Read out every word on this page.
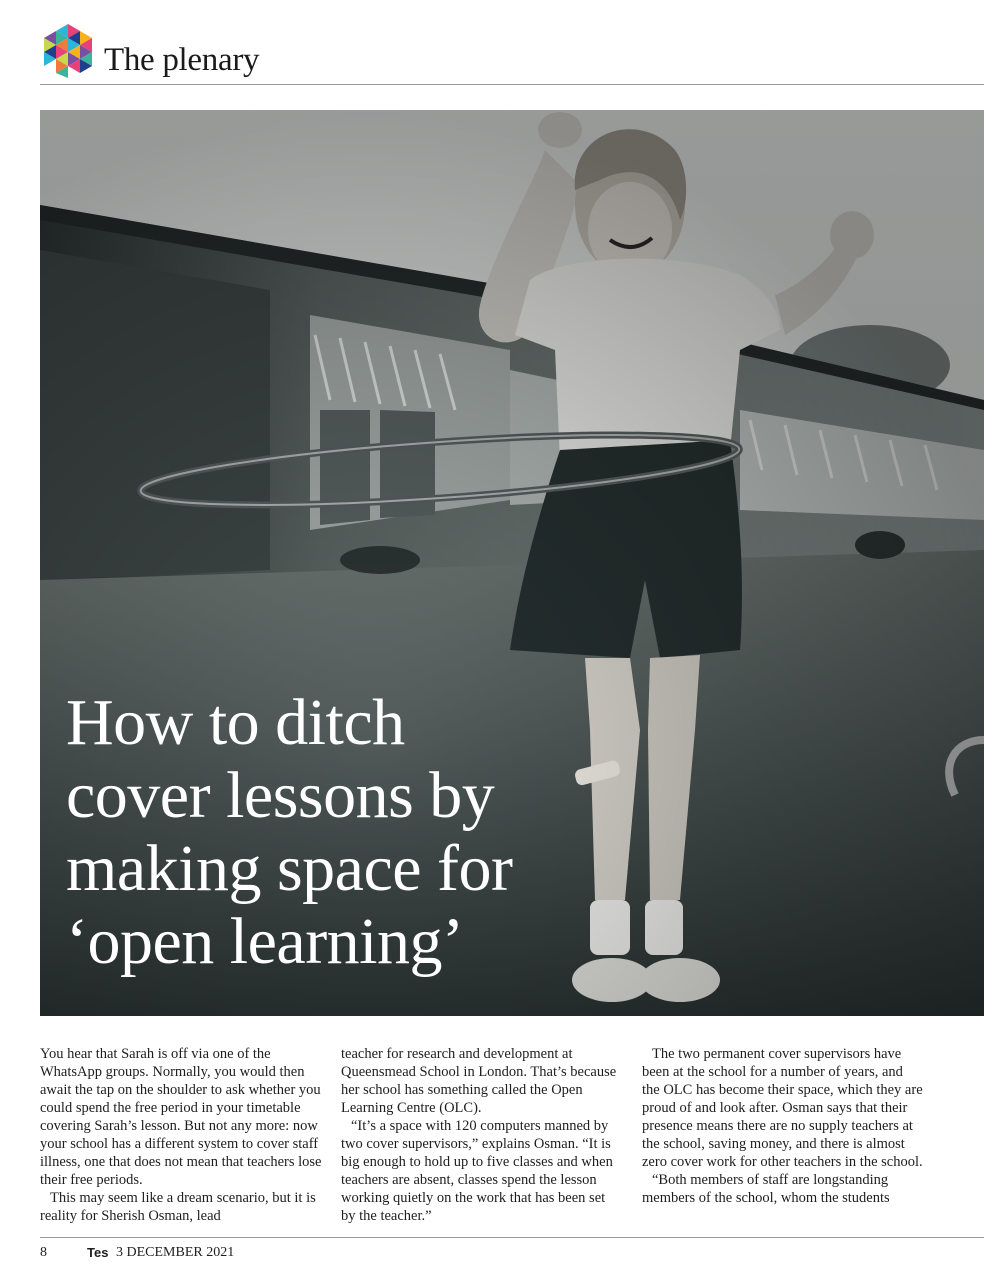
The plenary
How to ditch
cover lessons by
making space for
‘open learning’

You hear that Sarah is off via one of the WhatsApp groups. Normally, you would then await the tap on the shoulder to ask whether you could spend the free period in your timetable covering Sarah’s lesson. But not any more: now your school has a different system to cover staff illness, one that does not mean that teachers lose their free periods.

This may seem like a dream scenario, but it is reality for Sherish Osman, lead

teacher for research and development at Queensmead School in London. That’s because her school has something called the Open Learning Centre (OLC).

“It’s a space with 120 computers manned by two cover supervisors,” explains Osman. “It is big enough to hold up to five classes and when teachers are absent, classes spend the lesson working quietly on the work that has been set by the teacher.”

The two permanent cover supervisors have been at the school for a number of years, and the OLC has become their space, which they are proud of and look after. Osman says that their presence means there are no supply teachers at the school, saving money, and there is almost zero cover work for other teachers in the school.

“Both members of staff are longstanding members of the school, whom the students

8	Tes 3 DECEMBER 2021
